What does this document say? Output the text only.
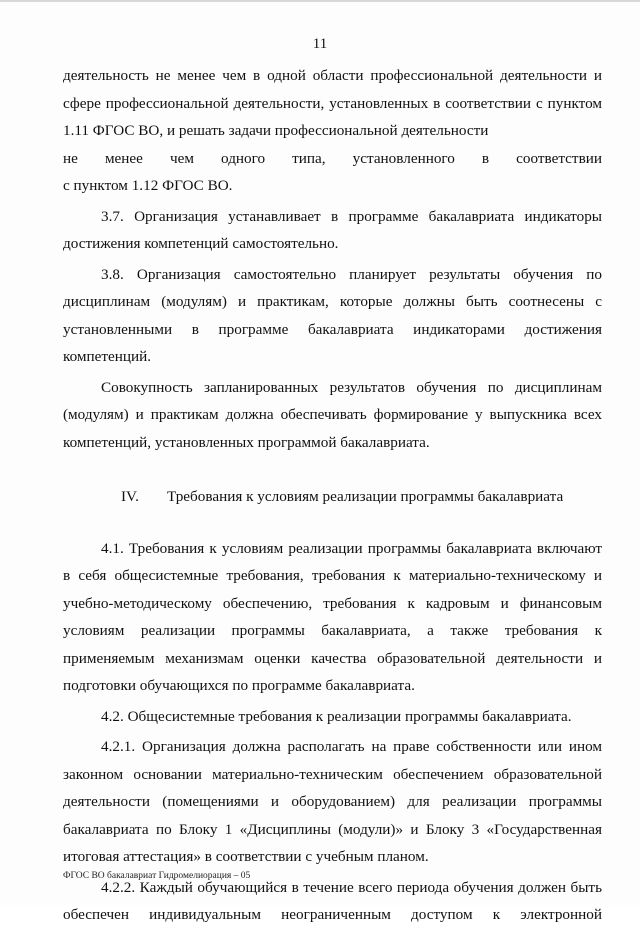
11

деятельность не менее чем в одной области профессиональной деятельности и сфере профессиональной деятельности, установленных в соответствии с пунктом 1.11 ФГОС ВО, и решать задачи профессиональной деятельности

не менее чем одного типа, установленного в соответствии

с пунктом 1.12 ФГОС ВО.

3.7. Организация устанавливает в программе бакалавриата индикаторы достижения компетенций самостоятельно.

3.8. Организация самостоятельно планирует результаты обучения по дисциплинам (модулям) и практикам, которые должны быть соотнесены с установленными в программе бакалавриата индикаторами достижения компетенций.

Совокупность запланированных результатов обучения по дисциплинам (модулям) и практикам должна обеспечивать формирование у выпускника всех компетенций, установленных программой бакалавриата.

IV. Требования к условиям реализации программы бакалавриата

4.1. Требования к условиям реализации программы бакалавриата включают в себя общесистемные требования, требования к материально-техническому и учебно-методическому обеспечению, требования к кадровым и финансовым условиям реализации программы бакалавриата, а также требования к применяемым механизмам оценки качества образовательной деятельности и подготовки обучающихся по программе бакалавриата.

4.2. Общесистемные требования к реализации программы бакалавриата.

4.2.1. Организация должна располагать на праве собственности или ином законном основании материально-техническим обеспечением образовательной деятельности (помещениями и оборудованием) для реализации программы бакалавриата по Блоку 1 «Дисциплины (модули)» и Блоку 3 «Государственная итоговая аттестация» в соответствии с учебным планом.

4.2.2. Каждый обучающийся в течение всего периода обучения должен быть

обеспечен индивидуальным неограниченным доступом к электронной

ФГОС ВО бакалавриат Гидромелиорация – 05
